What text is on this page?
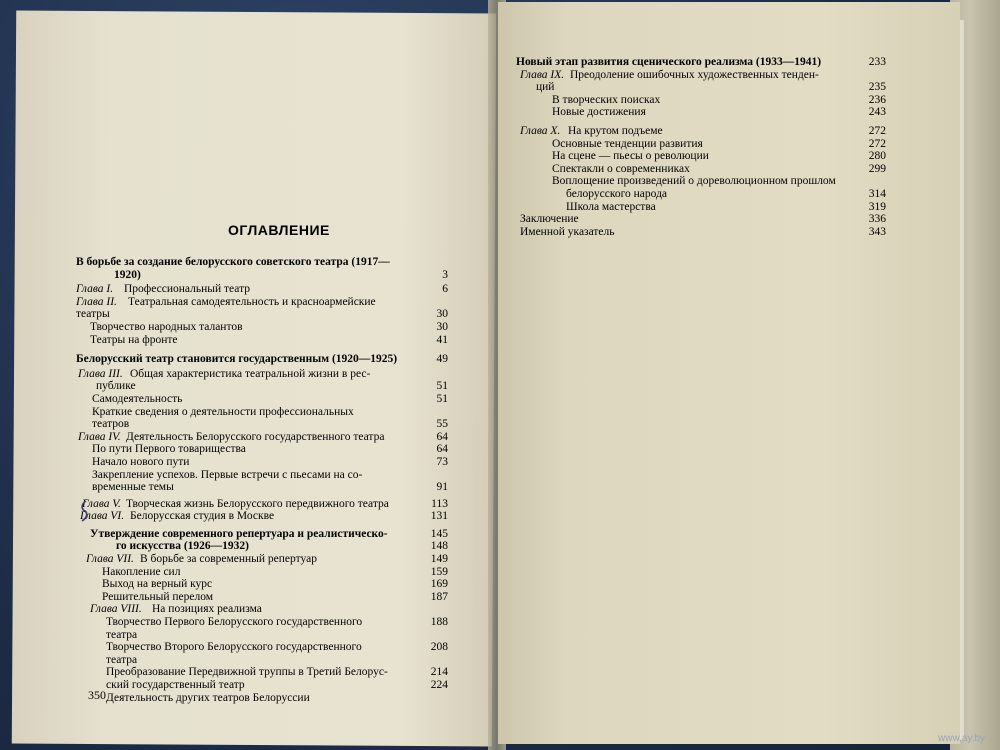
ОГЛАВЛЕНИЕ
В борьбе за создание белорусского советского театра (1917—
1920)	3
Глава I. Профессиональный театр	6
Глава II. Театральная самодеятельность и красноармейские
театры	30
Творчество народных талантов	30
Театры на фронте	41
Белорусский театр становится государственным (1920—1925)	49
Глава III. Общая характеристика театральной жизни в рес-
публике	51
Самодеятельность	51
Краткие сведения о деятельности профессиональных
театров	55
Глава IV. Деятельность Белорусского государственного театра	64
По пути Первого товарищества	64
Начало нового пути	73
Закрепление успехов. Первые встречи с пьесами на со-
временные темы	91
Глава V. Творческая жизнь Белорусского передвижного театра	113
Глава VI. Белорусская студия в Москве	131
Утверждение современного репертуара и реалистическо-	145
го искусства (1926—1932)	148
Глава VII. В борьбе за современный репертуар	149
Накопление сил	159
Выход на верный курс	169
Решительный перелом	187
Глава VIII. На позициях реализма
Творчество Первого Белорусского государственного	188
театра
Творчество Второго Белорусского государственного	208
театра
Преобразование Передвижной труппы в Третий Белорус-	214
ский государственный театр	224
Деятельность других театров Белоруссии
350
Новый этап развития сценического реализма (1933—1941)	233
Глава IX. Преодоление ошибочных художественных тенден-
ций	235
В творческих поисках	236
Новые достижения	243
Глава X. На крутом подъеме	272
Основные тенденции развития	272
На сцене — пьесы о революции	280
Спектакли о современниках	299
Воплощение произведений о дореволюционном прошлом
белорусского народа	314
Школа мастерства	319
Заключение	336
Именной указатель	343
www.ay.by
